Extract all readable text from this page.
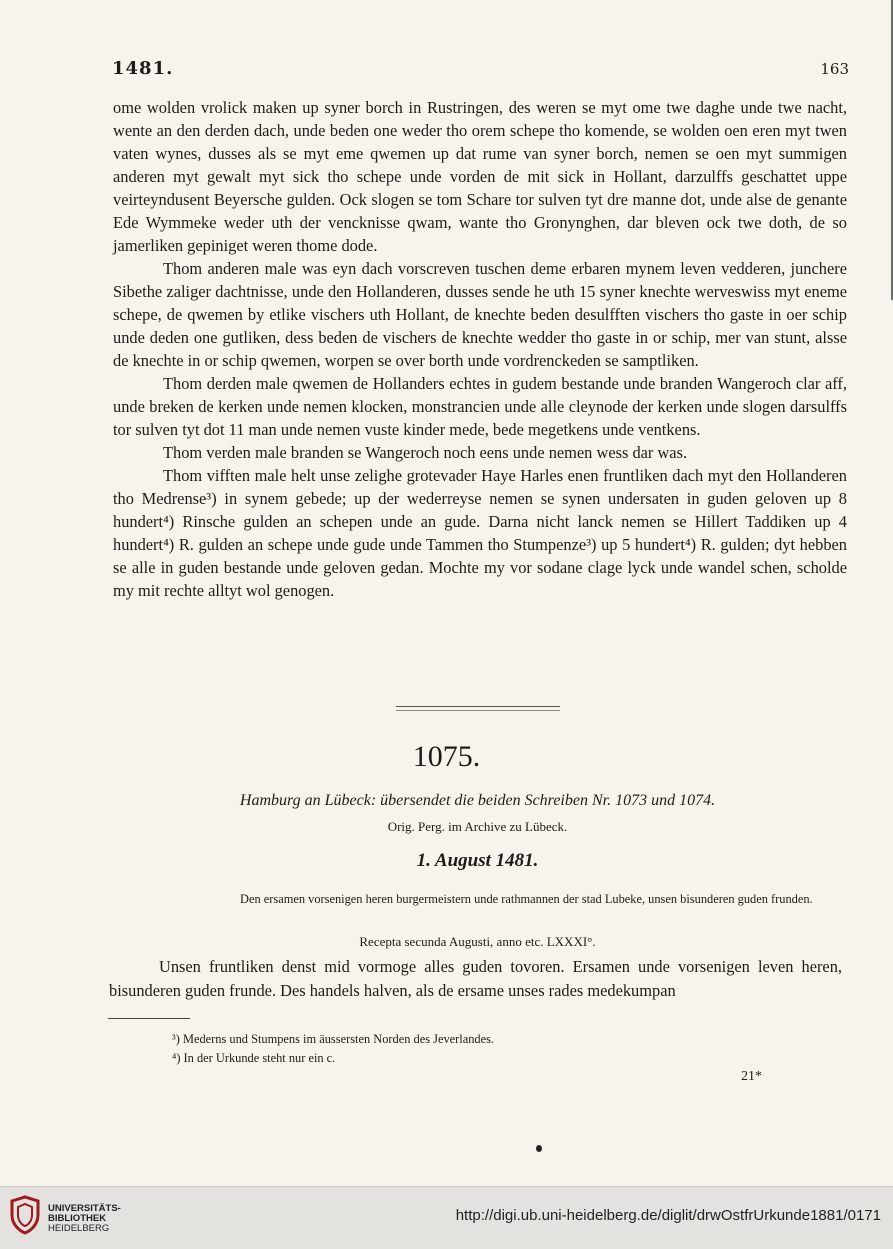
1481.	163

ome wolden vrolick maken up syner borch in Rustringen, des weren se myt ome twe daghe unde twe nacht, wente an den derden dach, unde beden one weder tho orem schepe tho komende, se wolden oen eren myt twen vaten wynes, dusses als se myt eme qwemen up dat rume van syner borch, nemen se oen myt summigen anderen myt gewalt myt sick tho schepe unde vorden de mit sick in Hollant, darzulffs geschattet uppe veirteyndusent Beyersche gulden. Ock slogen se tom Schare tor sulven tyt dre manne dot, unde alse de genante Ede Wymmeke weder uth der vencknisse qwam, wante tho Gronynghen, dar bleven ock twe doth, de so jamerliken gepiniget weren thome dode.

Thom anderen male was eyn dach vorscreven tuschen deme erbaren mynem leven vedderen, junchere Sibethe zaliger dachtnisse, unde den Hollanderen, dusses sende he uth 15 syner knechte werveswiss myt eneme schepe, de qwemen by etlike vischers uth Hollant, de knechte beden desulfften vischers tho gaste in oer schip unde deden one gutliken, dess beden de vischers de knechte wedder tho gaste in or schip, mer van stunt, alsse de knechte in or schip qwemen, worpen se over borth unde vordrenckeden se samptliken.

Thom derden male qwemen de Hollanders echtes in gudem bestande unde branden Wangeroch clar aff, unde breken de kerken unde nemen klocken, monstrancien unde alle cleynode der kerken unde slogen darsulffs tor sulven tyt dot 11 man unde nemen vuste kinder mede, bede megetkens unde ventkens.

Thom verden male branden se Wangeroch noch eens unde nemen wess dar was.

Thom vifften male helt unse zelighe grotevader Haye Harles enen fruntliken dach myt den Hollanderen tho Medrense³) in synem gebede; up der wederreyse nemen se synen undersaten in guden geloven up 8 hundert⁴) Rinsche gulden an schepen unde an gude. Darna nicht lanck nemen se Hillert Taddiken up 4 hundert⁴) R. gulden an schepe unde gude unde Tammen tho Stumpenze³) up 5 hundert⁴) R. gulden; dyt hebben se alle in guden bestande unde geloven gedan. Mochte my vor sodane clage lyck unde wandel schen, scholde my mit rechte alltyt wol genogen.

1075.
Hamburg an Lübeck: übersendet die beiden Schreiben Nr. 1073 und 1074.
Orig. Perg. im Archive zu Lübeck.
1. August 1481.
Den ersamen vorsenigen heren burgermeistern unde rathmannen der stad Lubeke, unsen bisunderen guden frunden.
Recepta secunda Augusti, anno etc. LXXXI°.

Unsen fruntliken denst mid vormoge alles guden tovoren. Ersamen unde vorsenigen leven heren, bisunderen guden frunde. Des handels halven, als de ersame unses rades medekumpan

³) Mederns und Stumpens im äussersten Norden des Jeverlandes.
⁴) In der Urkunde steht nur ein c.
21*
UNIVERSITÄTS-
BIBLIOTHEK
HEIDELBERG
http://digi.ub.uni-heidelberg.de/diglit/drwOstfrUrkunde1881/0171
